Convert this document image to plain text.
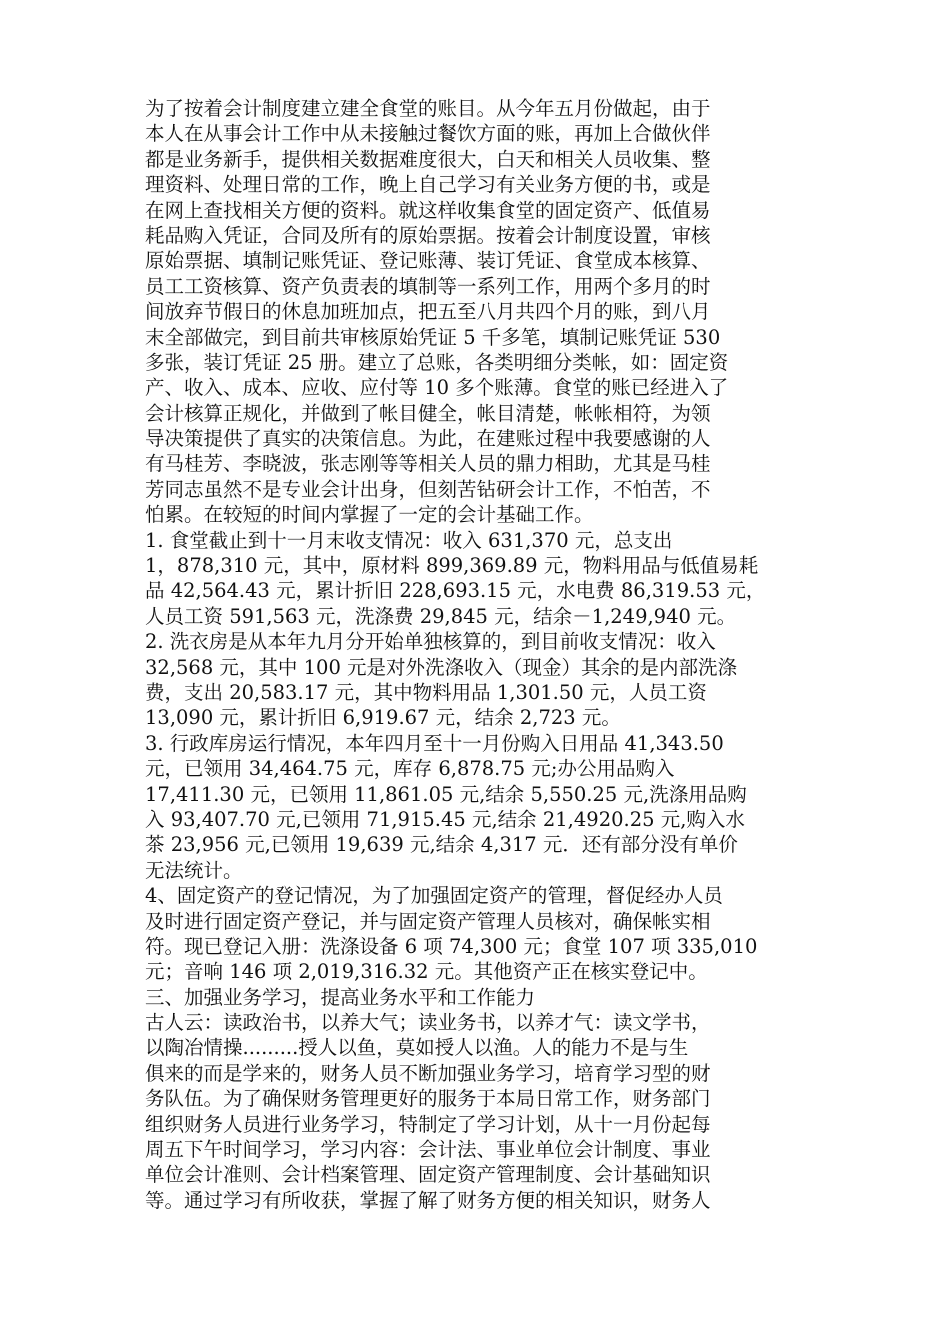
为了按着会计制度建立建全食堂的账目。从今年五月份做起，由于
本人在从事会计工作中从未接触过餐饮方面的账，再加上合做伙伴
都是业务新手，提供相关数据难度很大，白天和相关人员收集、整
理资料、处理日常的工作，晚上自己学习有关业务方便的书，或是
在网上查找相关方便的资料。就这样收集食堂的固定资产、低值易
耗品购入凭证，合同及所有的原始票据。按着会计制度设置，审核
原始票据、填制记账凭证、登记账薄、装订凭证、食堂成本核算、
员工工资核算、资产负责表的填制等一系列工作，用两个多月的时
间放弃节假日的休息加班加点，把五至八月共四个月的账，到八月
末全部做完，到目前共审核原始凭证 5 千多笔，填制记账凭证 530
多张，装订凭证 25 册。建立了总账，各类明细分类帐，如：固定资
产、收入、成本、应收、应付等 10 多个账薄。食堂的账已经进入了
会计核算正规化，并做到了帐目健全，帐目清楚，帐帐相符，为领
导决策提供了真实的决策信息。为此，在建账过程中我要感谢的人
有马桂芳、李晓波，张志刚等等相关人员的鼎力相助，尤其是马桂
芳同志虽然不是专业会计出身，但刻苦钻研会计工作，不怕苦，不
怕累。在较短的时间内掌握了一定的会计基础工作。
1. 食堂截止到十一月末收支情况：收入 631,370 元，总支出
1，878,310 元，其中，原材料 899,369.89 元，物料用品与低值易耗
品 42,564.43 元，累计折旧 228,693.15 元，水电费 86,319.53 元，
人员工资 591,563 元，洗涤费 29,845 元，结余－1,249,940 元。
2. 洗衣房是从本年九月分开始单独核算的，到目前收支情况：收入
32,568 元，其中 100 元是对外洗涤收入（现金）其余的是内部洗涤
费，支出 20,583.17 元，其中物料用品 1,301.50 元，人员工资
13,090 元，累计折旧 6,919.67 元，结余 2,723 元。
3. 行政库房运行情况，本年四月至十一月份购入日用品 41,343.50
元，已领用 34,464.75 元，库存 6,878.75 元;办公用品购入
17,411.30 元，已领用 11,861.05 元,结余 5,550.25 元,洗涤用品购
入 93,407.70 元,已领用 71,915.45 元,结余 21,4920.25 元,购入水
茶 23,956 元,已领用 19,639 元,结余 4,317 元．还有部分没有单价
无法统计。
4、固定资产的登记情况，为了加强固定资产的管理，督促经办人员
及时进行固定资产登记，并与固定资产管理人员核对，确保帐实相
符。现已登记入册：洗涤设备 6 项 74,300 元；食堂 107 项 335,010
元；音响 146 项 2,019,316.32 元。其他资产正在核实登记中。
三、加强业务学习，提高业务水平和工作能力
古人云：读政治书，以养大气；读业务书，以养才气：读文学书，
以陶冶情操.........授人以鱼，莫如授人以渔。人的能力不是与生
俱来的而是学来的，财务人员不断加强业务学习，培育学习型的财
务队伍。为了确保财务管理更好的服务于本局日常工作，财务部门
组织财务人员进行业务学习，特制定了学习计划，从十一月份起每
周五下午时间学习，学习内容：会计法、事业单位会计制度、事业
单位会计准则、会计档案管理、固定资产管理制度、会计基础知识
等。通过学习有所收获，掌握了解了财务方便的相关知识，财务人
